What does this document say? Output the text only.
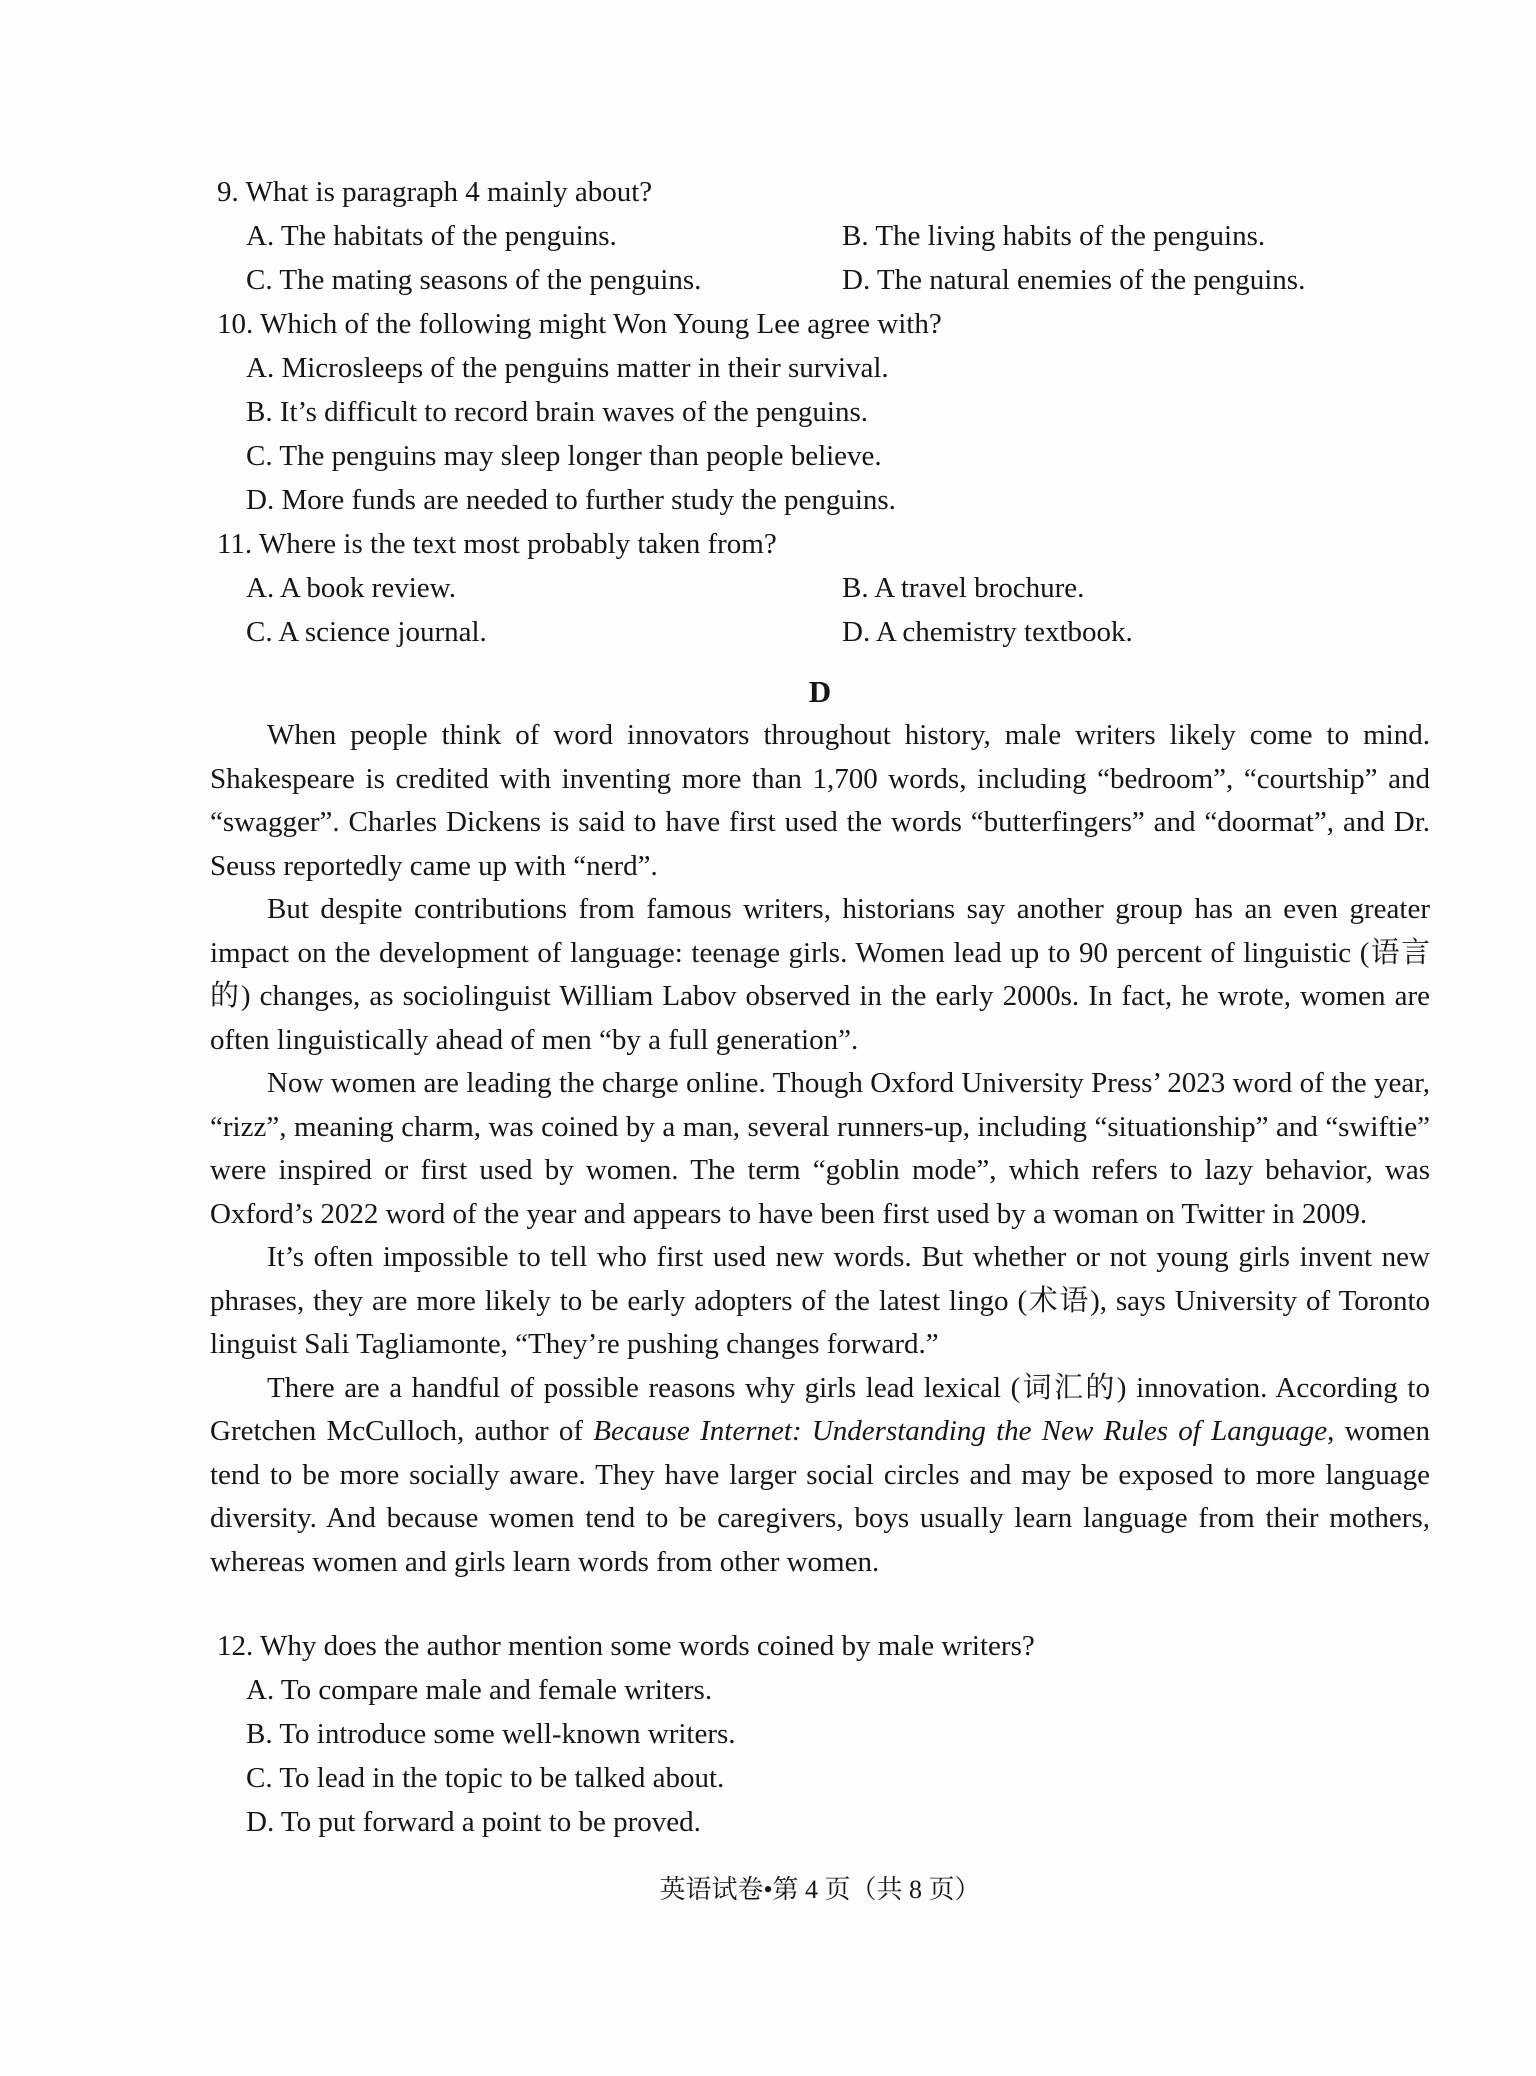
9. What is paragraph 4 mainly about?
A. The habitats of the penguins.	B. The living habits of the penguins.
C. The mating seasons of the penguins.	D. The natural enemies of the penguins.
10. Which of the following might Won Young Lee agree with?
A. Microsleeps of the penguins matter in their survival.
B. It’s difficult to record brain waves of the penguins.
C. The penguins may sleep longer than people believe.
D. More funds are needed to further study the penguins.
11. Where is the text most probably taken from?
A. A book review.	B. A travel brochure.
C. A science journal.	D. A chemistry textbook.
D

When people think of word innovators throughout history, male writers likely come to mind. Shakespeare is credited with inventing more than 1,700 words, including “bedroom”, “courtship” and “swagger”. Charles Dickens is said to have first used the words “butterfingers” and “doormat”, and Dr. Seuss reportedly came up with “nerd”.

But despite contributions from famous writers, historians say another group has an even greater impact on the development of language: teenage girls. Women lead up to 90 percent of linguistic (语言的) changes, as sociolinguist William Labov observed in the early 2000s. In fact, he wrote, women are often linguistically ahead of men “by a full generation”.

Now women are leading the charge online. Though Oxford University Press’ 2023 word of the year, “rizz”, meaning charm, was coined by a man, several runners-up, including “situationship” and “swiftie” were inspired or first used by women. The term “goblin mode”, which refers to lazy behavior, was Oxford’s 2022 word of the year and appears to have been first used by a woman on Twitter in 2009.

It’s often impossible to tell who first used new words. But whether or not young girls invent new phrases, they are more likely to be early adopters of the latest lingo (术语), says University of Toronto linguist Sali Tagliamonte, “They’re pushing changes forward.”

There are a handful of possible reasons why girls lead lexical (词汇的) innovation. According to Gretchen McCulloch, author of Because Internet: Understanding the New Rules of Language, women tend to be more socially aware. They have larger social circles and may be exposed to more language diversity. And because women tend to be caregivers, boys usually learn language from their mothers, whereas women and girls learn words from other women.

12. Why does the author mention some words coined by male writers?
A. To compare male and female writers.
B. To introduce some well-known writers.
C. To lead in the topic to be talked about.
D. To put forward a point to be proved.
英语试卷•第 4 页（共 8 页）
